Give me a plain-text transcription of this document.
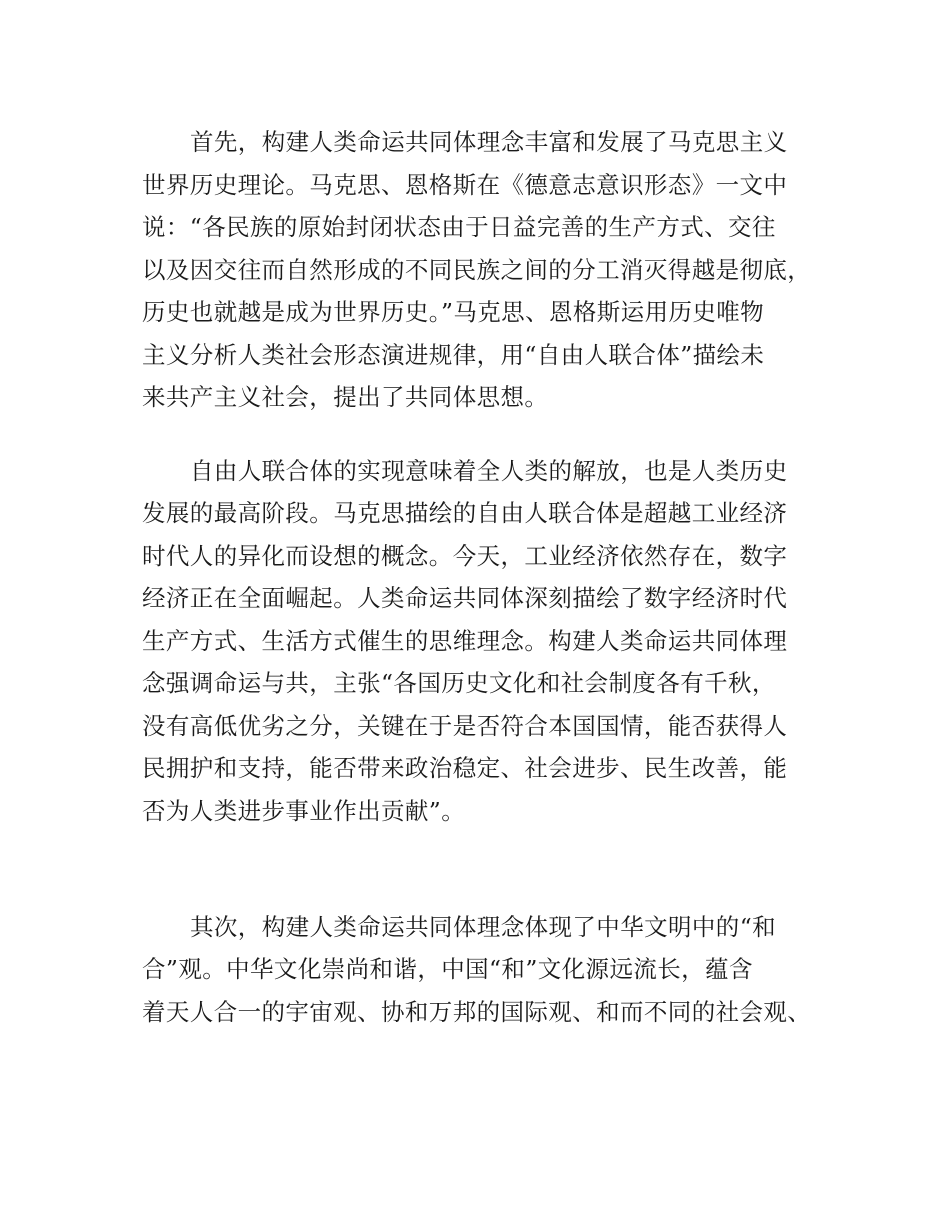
首先，构建人类命运共同体理念丰富和发展了马克思主义
世界历史理论。马克思、恩格斯在《德意志意识形态》一文中
说：“各民族的原始封闭状态由于日益完善的生产方式、交往
以及因交往而自然形成的不同民族之间的分工消灭得越是彻底，
历史也就越是成为世界历史。”马克思、恩格斯运用历史唯物
主义分析人类社会形态演进规律，用“自由人联合体”描绘未
来共产主义社会，提出了共同体思想。
自由人联合体的实现意味着全人类的解放，也是人类历史
发展的最高阶段。马克思描绘的自由人联合体是超越工业经济
时代人的异化而设想的概念。今天，工业经济依然存在，数字
经济正在全面崛起。人类命运共同体深刻描绘了数字经济时代
生产方式、生活方式催生的思维理念。构建人类命运共同体理
念强调命运与共，主张“各国历史文化和社会制度各有千秋，
没有高低优劣之分，关键在于是否符合本国国情，能否获得人
民拥护和支持，能否带来政治稳定、社会进步、民生改善，能
否为人类进步事业作出贡献”。
其次，构建人类命运共同体理念体现了中华文明中的“和
合”观。中华文化崇尚和谐，中国“和”文化源远流长，蕴含
着天人合一的宇宙观、协和万邦的国际观、和而不同的社会观、
